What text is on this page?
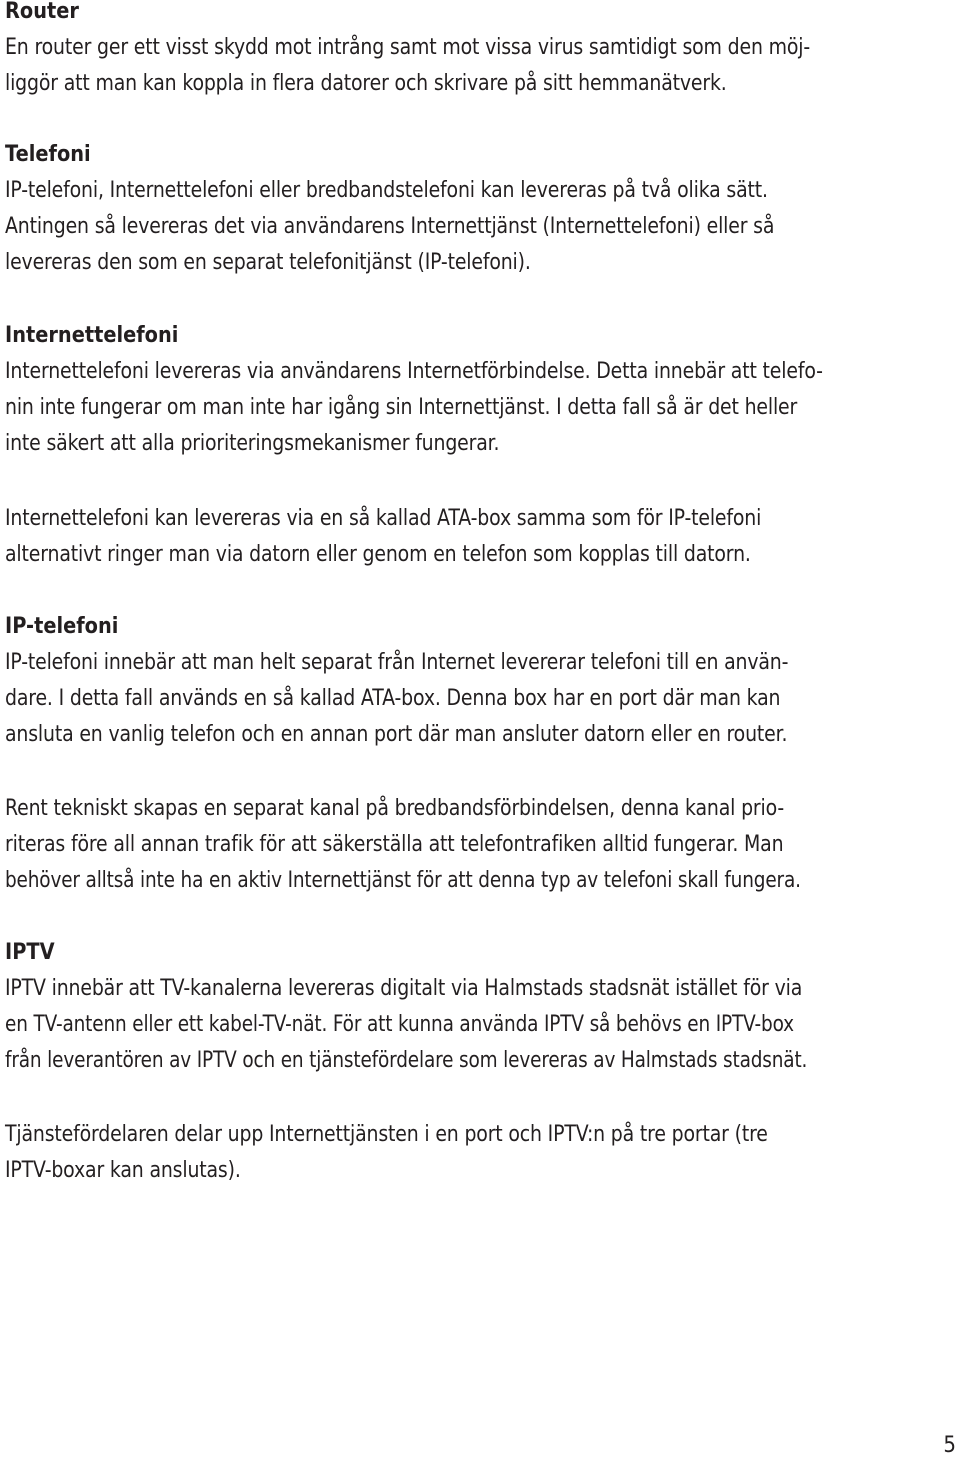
Router
En router ger ett visst skydd mot intrång samt mot vissa virus samtidigt som den möj-
liggör att man kan koppla in flera datorer och skrivare på sitt hemmanätverk.
Telefoni
IP-telefoni, Internettelefoni eller bredbandstelefoni kan levereras på två olika sätt.
Antingen så levereras det via användarens Internettjänst (Internettelefoni) eller så
levereras den som en separat telefonitjänst (IP-telefoni).
Internettelefoni
Internettelefoni levereras via användarens Internetförbindelse. Detta innebär att telefo-
nin inte fungerar om man inte har igång sin Internettjänst. I detta fall så är det heller
inte säkert att alla prioriteringsmekanismer fungerar.
Internettelefoni kan levereras via en så kallad ATA-box samma som för IP-telefoni
alternativt ringer man via datorn eller genom en telefon som kopplas till datorn.
IP-telefoni
IP-telefoni innebär att man helt separat från Internet levererar telefoni till en använ-
dare. I detta fall används en så kallad ATA-box. Denna box har en port där man kan
ansluta en vanlig telefon och en annan port där man ansluter datorn eller en router.
Rent tekniskt skapas en separat kanal på bredbandsförbindelsen, denna kanal prio-
riteras före all annan trafik för att säkerställa att telefontrafiken alltid fungerar. Man
behöver alltså inte ha en aktiv Internettjänst för att denna typ av telefoni skall fungera.
IPTV
IPTV innebär att TV-kanalerna levereras digitalt via Halmstads stadsnät istället för via
en TV-antenn eller ett kabel-TV-nät. För att kunna använda IPTV så behövs en IPTV-box
från leverantören av IPTV och en tjänstefördelare som levereras av Halmstads stadsnät.
Tjänstefördelaren delar upp Internettjänsten i en port och IPTV:n på tre portar (tre
IPTV-boxar kan anslutas).
5
